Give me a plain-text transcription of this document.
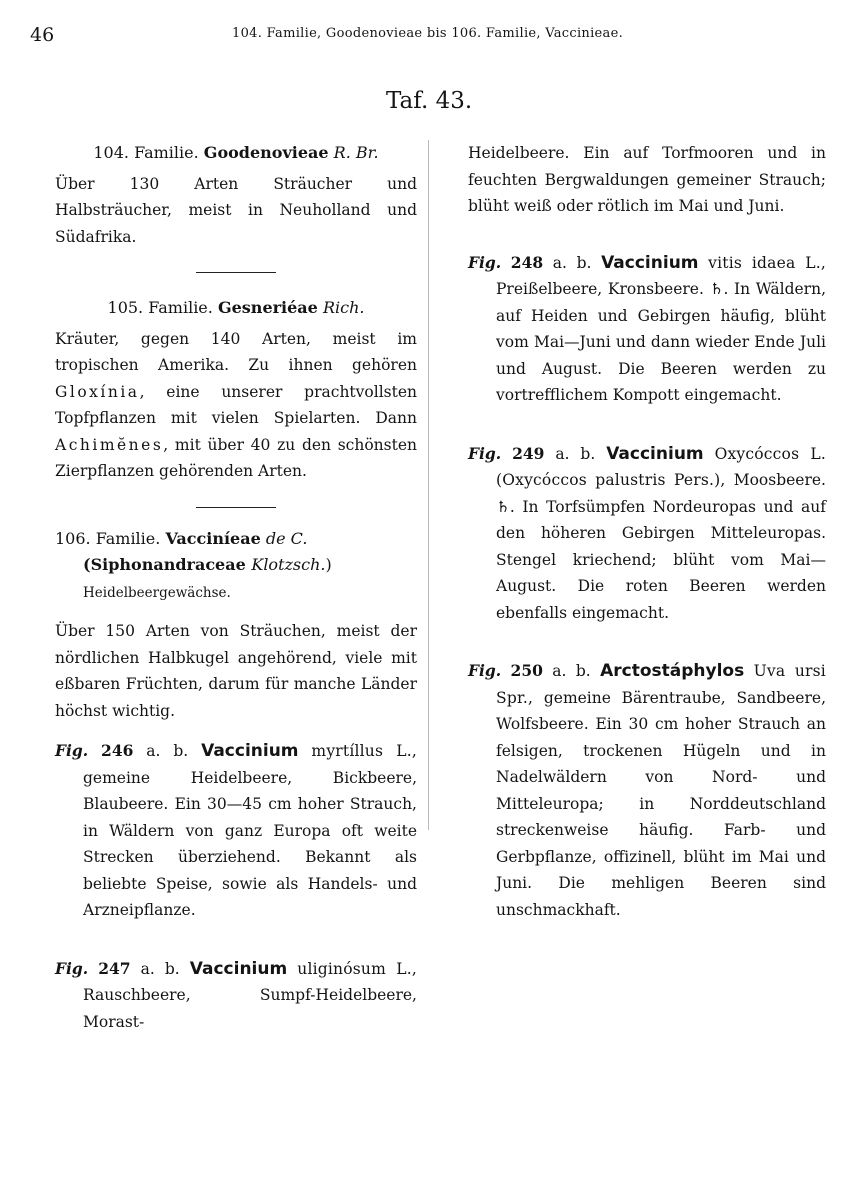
46	104. Familie, Goodenovieae bis 106. Familie, Vaccinieae.
Taf. 43.

104. Familie. Goodenovieae R. Br.

Über 130 Arten Sträucher und Halbsträucher, meist in Neuholland und Südafrika.

105. Familie. Gesneriéae Rich.

Kräuter, gegen 140 Arten, meist im tropischen Amerika. Zu ihnen gehören Gloxínia, eine unserer prachtvollsten Topfpflanzen mit vielen Spielarten. Dann Achimĕnes, mit über 40 zu den schönsten Zierpflanzen gehörenden Arten.

106. Familie. Vacciníeae de C. (Siphonandraceae Klotzsch.) Heidelbeergewächse.

Über 150 Arten von Sträuchen, meist der nördlichen Halbkugel angehörend, viele mit eßbaren Früchten, darum für manche Länder höchst wichtig.

Fig. 246 a. b. Vaccinium myrtíllus L., gemeine Heidelbeere, Bickbeere, Blaubeere. Ein 30—45 cm hoher Strauch, in Wäldern von ganz Europa oft weite Strecken überziehend. Bekannt als beliebte Speise, sowie als Handels- und Arzneipflanze.

Fig. 247 a. b. Vaccinium uliginósum L., Rauschbeere, Sumpf-Heidelbeere, Morast-

Heidelbeere. Ein auf Torfmooren und in feuchten Bergwaldungen gemeiner Strauch; blüht weiß oder rötlich im Mai und Juni.

Fig. 248 a. b. Vaccinium vitis idaea L., Preißelbeere, Kronsbeere. ♄. In Wäldern, auf Heiden und Gebirgen häufig, blüht vom Mai—Juni und dann wieder Ende Juli und August. Die Beeren werden zu vortrefflichem Kompott eingemacht.

Fig. 249 a. b. Vaccinium Oxycóccos L. (Oxycóccos palustris Pers.), Moosbeere. ♄. In Torfsümpfen Nordeuropas und auf den höheren Gebirgen Mitteleuropas. Stengel kriechend; blüht vom Mai—August. Die roten Beeren werden ebenfalls eingemacht.

Fig. 250 a. b. Arctostáphylos Uva ursi Spr., gemeine Bärentraube, Sandbeere, Wolfsbeere. Ein 30 cm hoher Strauch an felsigen, trockenen Hügeln und in Nadelwäldern von Nord- und Mitteleuropa; in Norddeutschland streckenweise häufig. Farb- und Gerbpflanze, offizinell, blüht im Mai und Juni. Die mehligen Beeren sind unschmackhaft.
